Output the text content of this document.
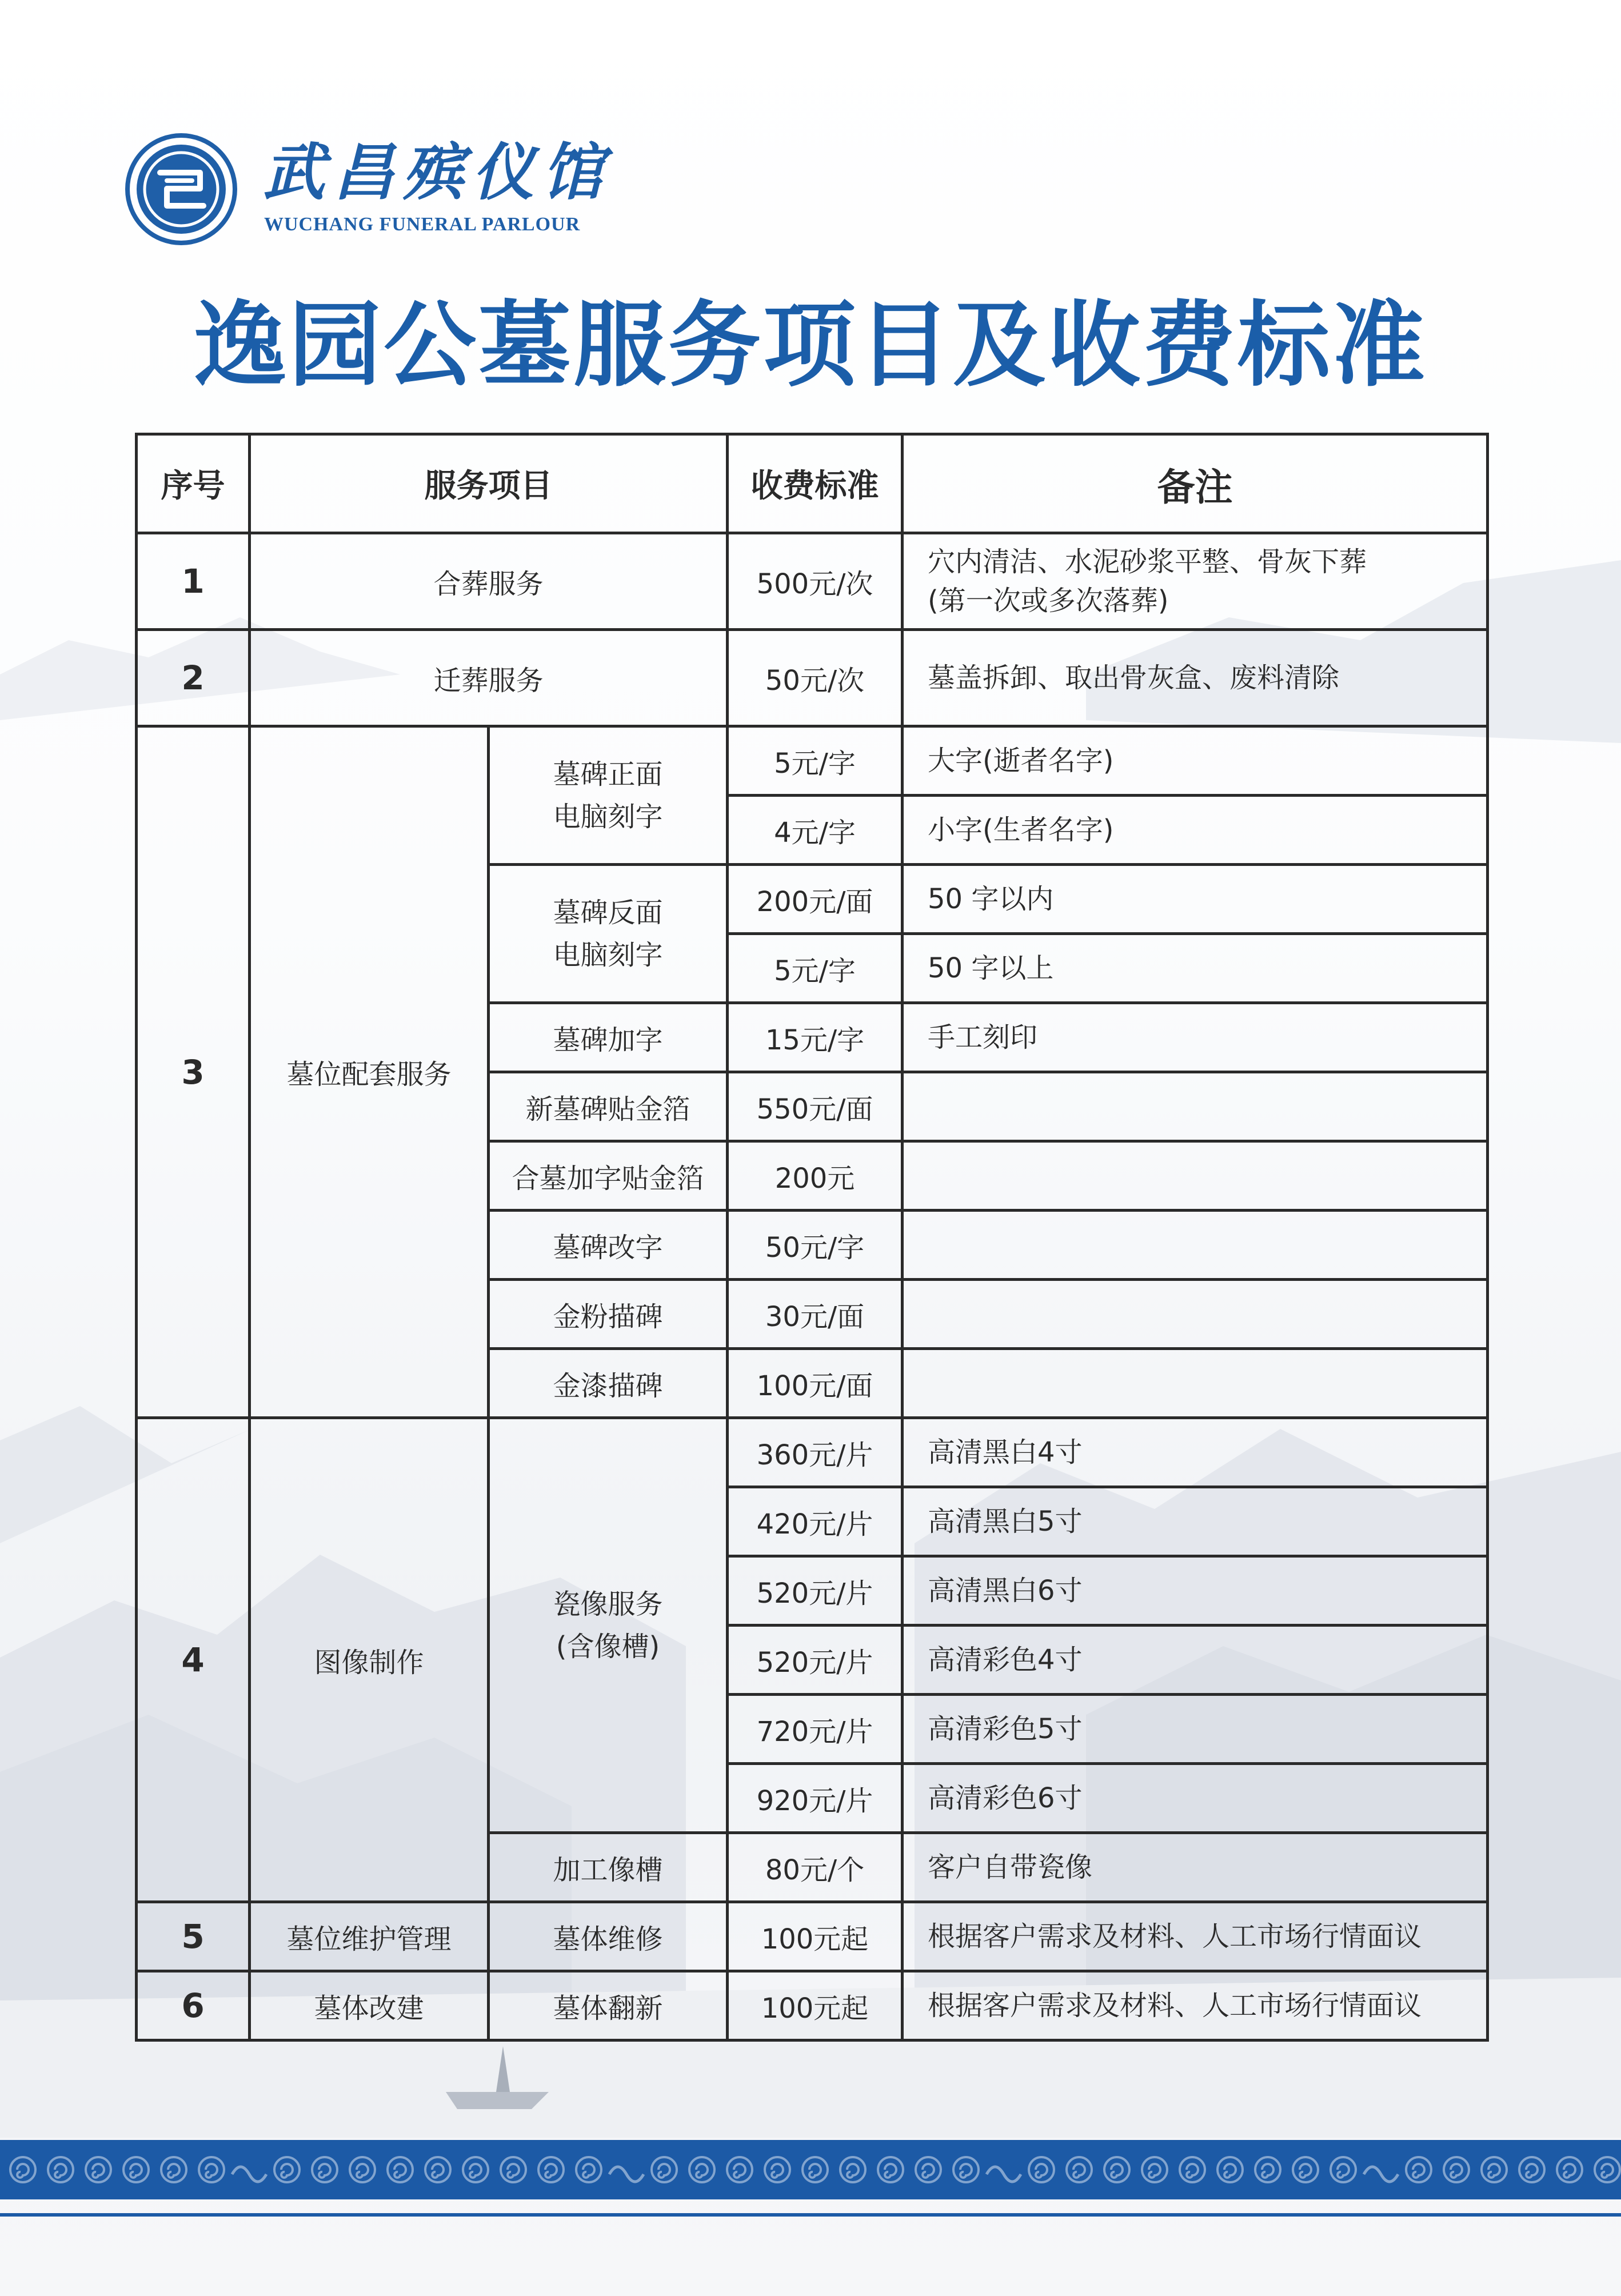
武昌殡仪馆
WUCHANG FUNERAL PARLOUR
逸园公墓服务项目及收费标准
序号	服务项目		收费标准	备注
1	合葬服务		500元/次	穴内清洁、水泥砂浆平整、骨灰下葬
(第一次或多次落葬)
2	迁葬服务		50元/次	墓盖拆卸、取出骨灰盒、废料清除
3	墓位配套服务	墓碑正面
电脑刻字	5元/字	大字(逝者名字)
			4元/字	小字(生者名字)
		墓碑反面
电脑刻字	200元/面	50 字以内
			5元/字	50 字以上
		墓碑加字	15元/字	手工刻印
		新墓碑贴金箔	550元/面	
		合墓加字贴金箔	200元	
		墓碑改字	50元/字	
		金粉描碑	30元/面	
		金漆描碑	100元/面	
4	图像制作	瓷像服务
(含像槽)	360元/片	高清黑白4寸
			420元/片	高清黑白5寸
			520元/片	高清黑白6寸
			520元/片	高清彩色4寸
			720元/片	高清彩色5寸
			920元/片	高清彩色6寸
		加工像槽	80元/个	客户自带瓷像
5	墓位维护管理	墓体维修	100元起	根据客户需求及材料、人工市场行情面议
6	墓体改建	墓体翻新	100元起	根据客户需求及材料、人工市场行情面议
